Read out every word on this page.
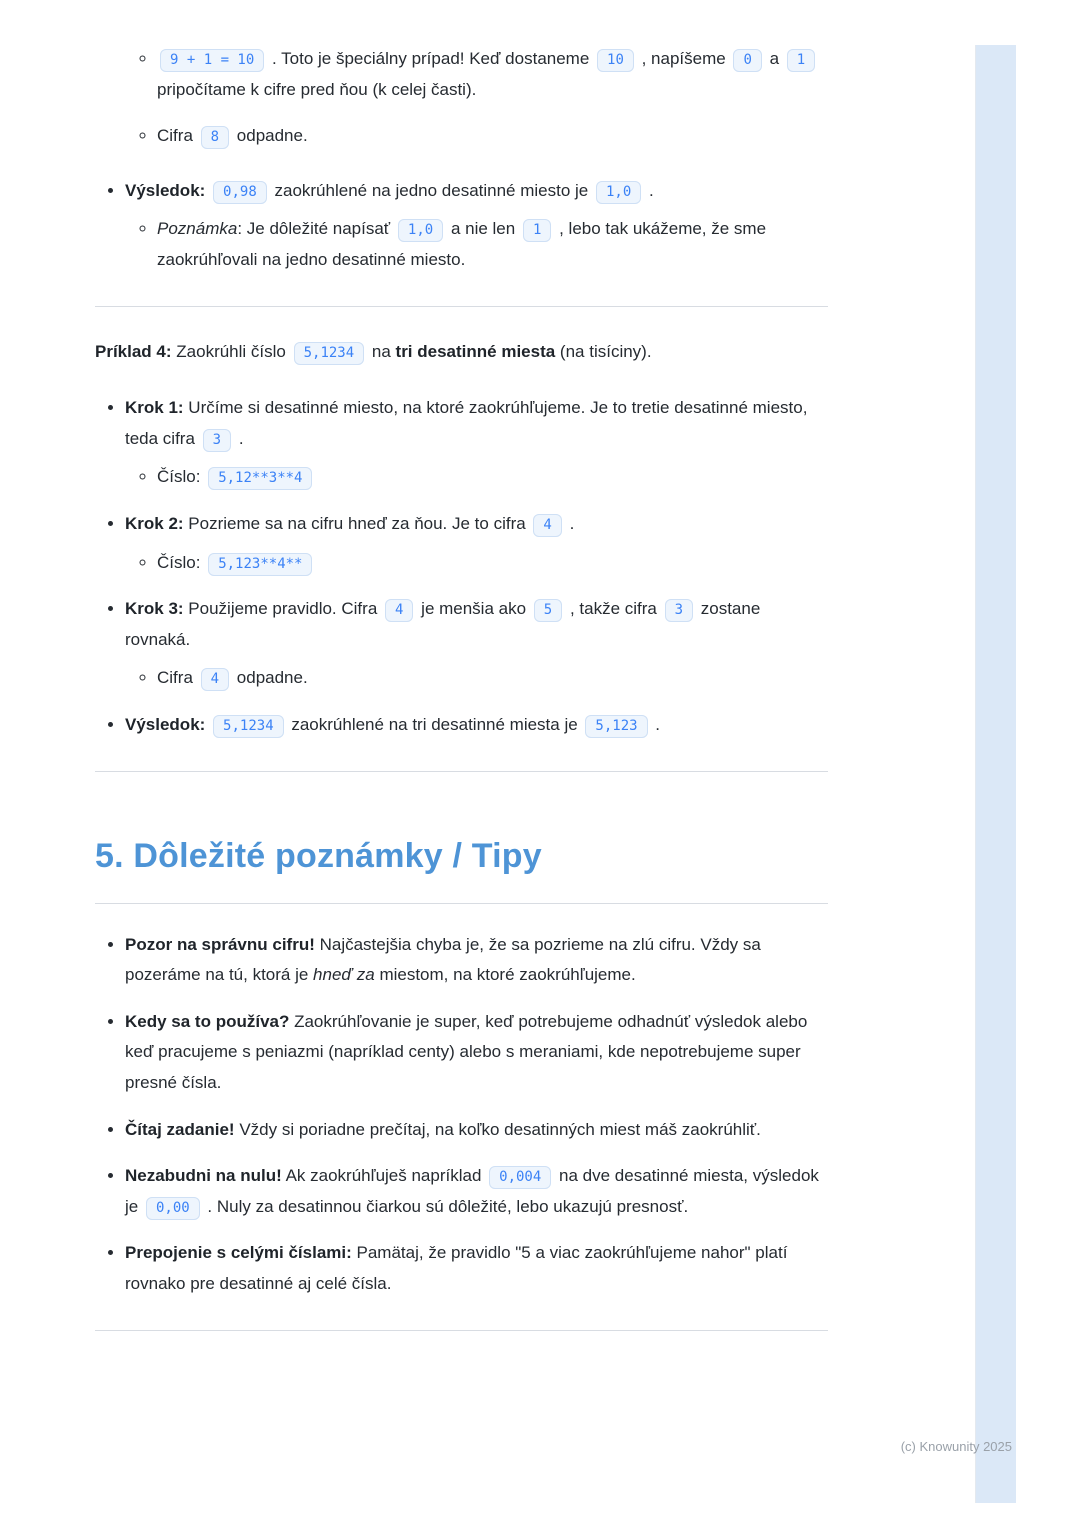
◦ 9 + 1 = 10 . Toto je špeciálny prípad! Keď dostaneme 10 , napíšeme 0 a 1 pripočítame k cifre pred ňou (k celej časti).
◦ Cifra 8 odpadne.
• Výsledok: 0,98 zaokrúhlené na jedno desatinné miesto je 1,0 .
◦ Poznámka: Je dôležité napísať 1,0 a nie len 1 , lebo tak ukážeme, že sme zaokrúhľovali na jedno desatinné miesto.

Príklad 4: Zaokrúhli číslo 5,1234 na tri desatinné miesta (na tisíciny).

• Krok 1: Určíme si desatinné miesto, na ktoré zaokrúhľujeme. Je to tretie desatinné miesto, teda cifra 3 .
◦ Číslo: 5,12**3**4
• Krok 2: Pozrieme sa na cifru hneď za ňou. Je to cifra 4 .
◦ Číslo: 5,123**4**
• Krok 3: Použijeme pravidlo. Cifra 4 je menšia ako 5 , takže cifra 3 zostane rovnaká.
◦ Cifra 4 odpadne.
• Výsledok: 5,1234 zaokrúhlené na tri desatinné miesta je 5,123 .
5. Dôležité poznámky / Tipy
• Pozor na správnu cifru! Najčastejšia chyba je, že sa pozrieme na zlú cifru. Vždy sa pozeráme na tú, ktorá je hneď za miestom, na ktoré zaokrúhľujeme.
• Kedy sa to používa? Zaokrúhľovanie je super, keď potrebujeme odhadnúť výsledok alebo keď pracujeme s peniazmi (napríklad centy) alebo s meraniami, kde nepotrebujeme super presné čísla.
• Čítaj zadanie! Vždy si poriadne prečítaj, na koľko desatinných miest máš zaokrúhliť.
• Nezabudni na nulu! Ak zaokrúhľuješ napríklad 0,004 na dve desatinné miesta, výsledok je 0,00 . Nuly za desatinnou čiarkou sú dôležité, lebo ukazujú presnosť.
• Prepojenie s celými číslami: Pamätaj, že pravidlo "5 a viac zaokrúhľujeme nahor" platí rovnako pre desatinné aj celé čísla.
(c) Knowunity 2025
